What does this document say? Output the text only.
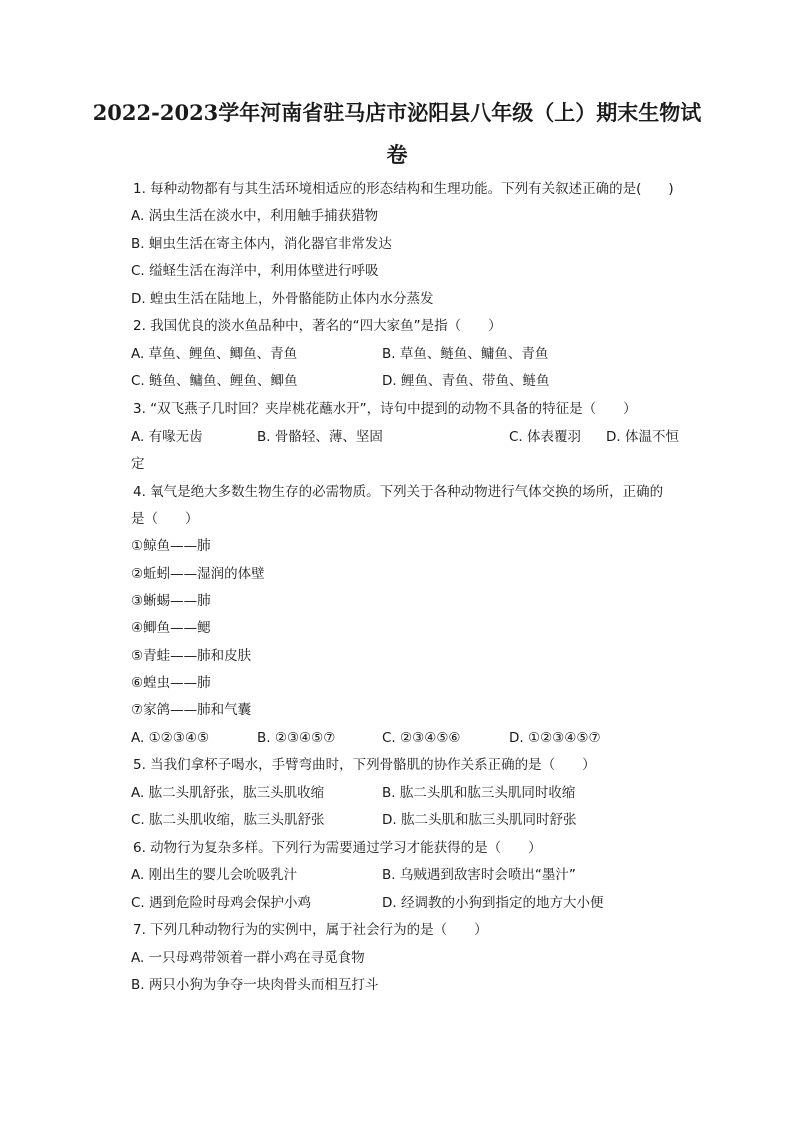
2022-2023学年河南省驻马店市泌阳县八年级（上）期末生物试
卷
1. 每种动物都有与其生活环境相适应的形态结构和生理功能。下列有关叙述正确的是(　　)
A. 涡虫生活在淡水中，利用触手捕获猎物
B. 蛔虫生活在寄主体内，消化器官非常发达
C. 缢蛏生活在海洋中，利用体壁进行呼吸
D. 蝗虫生活在陆地上，外骨骼能防止体内水分蒸发
2. 我国优良的淡水鱼品种中，著名的“四大家鱼”是指（　　）
A. 草鱼、鲤鱼、鲫鱼、青鱼	B. 草鱼、鲢鱼、鳙鱼、青鱼
C. 鲢鱼、鳙鱼、鲤鱼、鲫鱼	D. 鲤鱼、青鱼、带鱼、鲢鱼
3. “双飞燕子几时回？夹岸桃花蘸水开”，诗句中提到的动物不具备的特征是（　　）
A. 有喙无齿	B. 骨骼轻、薄、坚固	C. 体表覆羽 D. 体温不恒
定
4. 氧气是绝大多数生物生存的必需物质。下列关于各种动物进行气体交换的场所，正确的
是（　　）
①鲸鱼——肺
②蚯蚓——湿润的体壁
③蜥蜴——肺
④鲫鱼——鳃
⑤青蛙——肺和皮肤
⑥蝗虫——肺
⑦家鸽——肺和气囊
A. ①②③④⑤	B. ②③④⑤⑦	C. ②③④⑤⑥	D. ①②③④⑤⑦
5. 当我们拿杯子喝水，手臂弯曲时，下列骨骼肌的协作关系正确的是（　　）
A. 肱二头肌舒张，肱三头肌收缩	B. 肱二头肌和肱三头肌同时收缩
C. 肱二头肌收缩，肱三头肌舒张	D. 肱二头肌和肱三头肌同时舒张
6. 动物行为复杂多样。下列行为需要通过学习才能获得的是（　　）
A. 刚出生的婴儿会吮吸乳汁	B. 乌贼遇到敌害时会喷出“墨汁”
C. 遇到危险时母鸡会保护小鸡	D. 经调教的小狗到指定的地方大小便
7. 下列几种动物行为的实例中，属于社会行为的是（　　）
A. 一只母鸡带领着一群小鸡在寻觅食物
B. 两只小狗为争夺一块肉骨头而相互打斗
